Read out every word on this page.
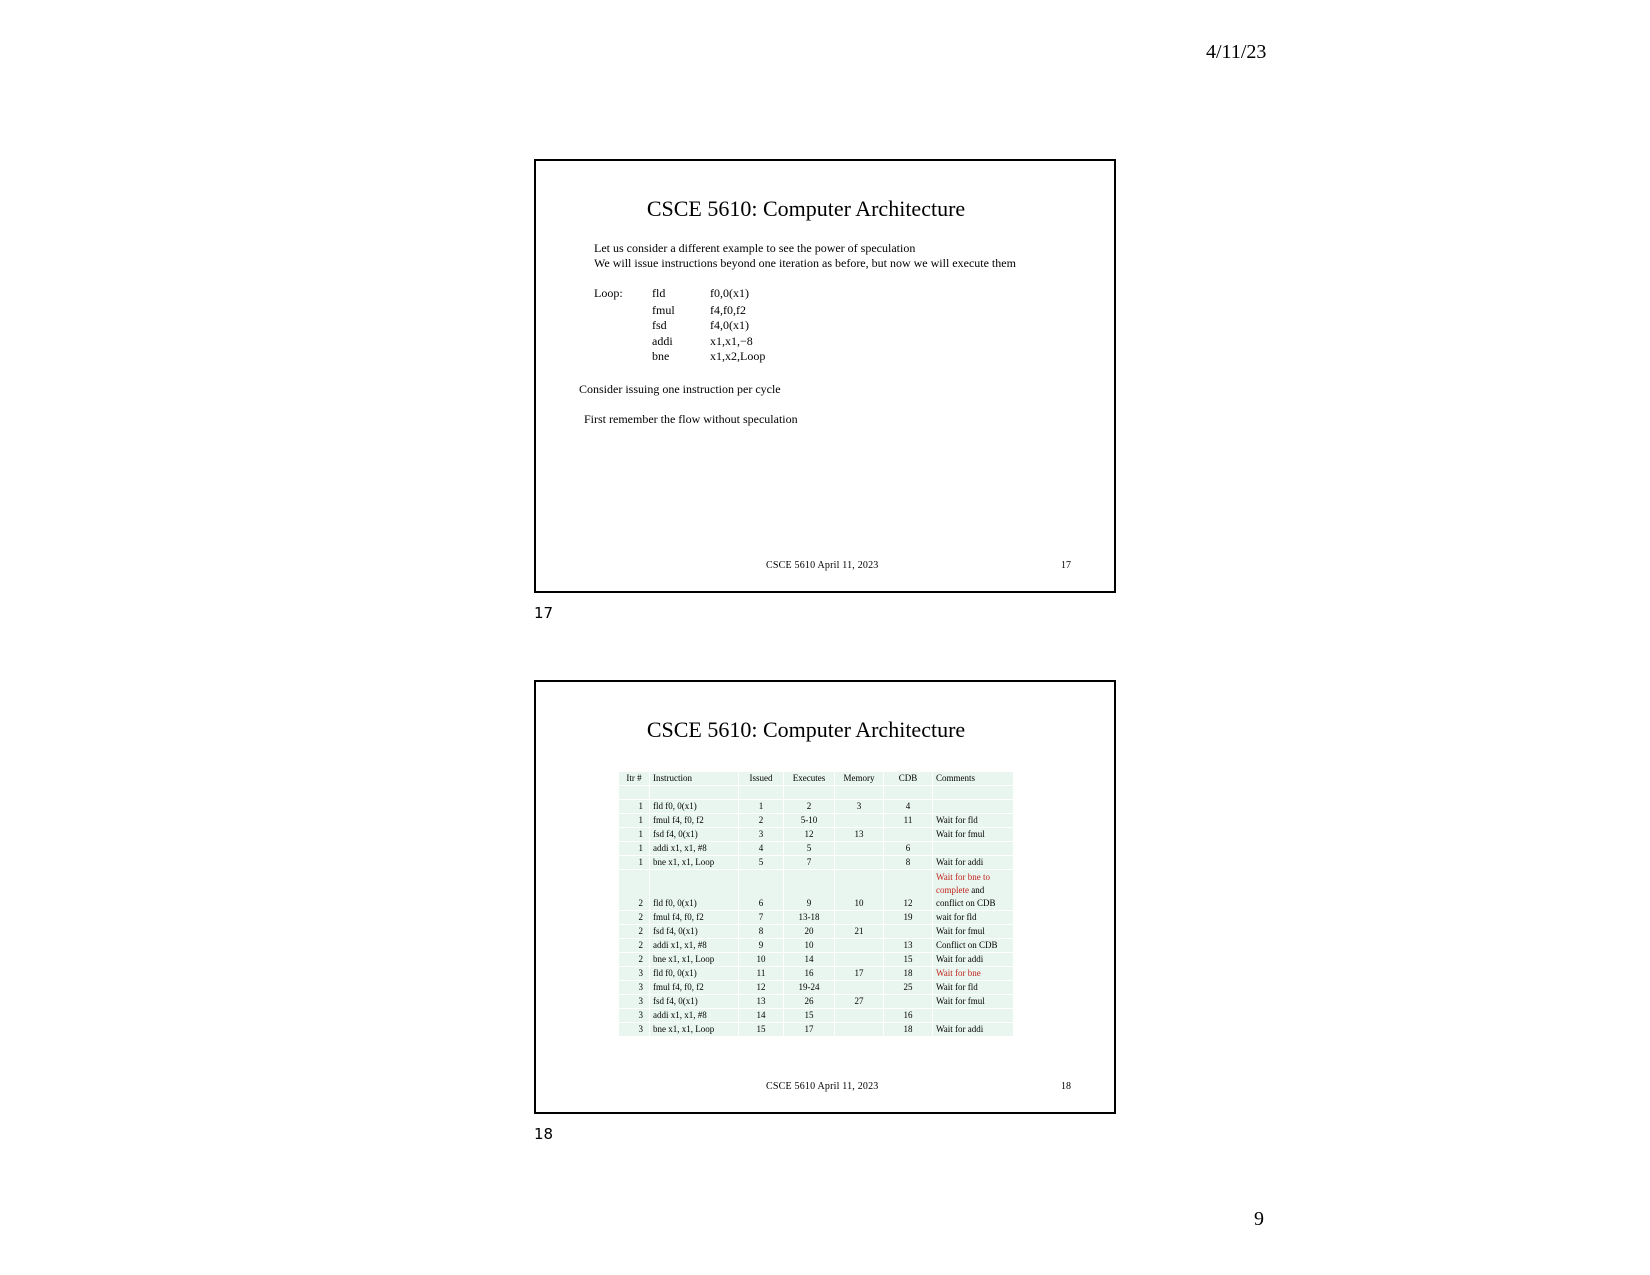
4/11/23
CSCE 5610: Computer Architecture
Let us consider a different example to see the power of speculation
We will issue instructions beyond one iteration as before, but now we will execute them
Loop: fld	f0,0(x1)
fmul	f4,f0,f2
fsd	f4,0(x1)
addi	x1,x1,−8
bne	x1,x2,Loop
Consider issuing one instruction per cycle
First remember the flow without speculation
CSCE 5610 April 11, 2023	17
17
CSCE 5610: Computer Architecture
Itr #	Instruction	Issued	Executes	Memory	CDB	Comments

1	fld f0, 0(x1)	1	2	3	4	
1	fmul f4, f0, f2	2	5-10		11	Wait for fld
1	fsd f4, 0(x1)	3	12	13		Wait for fmul
1	addi x1, x1, #8	4	5		6	
1	bne x1, x1, Loop	5	7		8	Wait for addi
2	fld f0, 0(x1)	6	9	10	12	Wait for bne to complete and conflict on CDB
2	fmul f4, f0, f2	7	13-18		19	wait for fld
2	fsd f4, 0(x1)	8	20	21		Wait for fmul
2	addi x1, x1, #8	9	10		13	Conflict on CDB
2	bne x1, x1, Loop	10	14		15	Wait for addi
3	fld f0, 0(x1)	11	16	17	18	Wait for bne
3	fmul f4, f0, f2	12	19-24		25	Wait for fld
3	fsd f4, 0(x1)	13	26	27		Wait for fmul
3	addi x1, x1, #8	14	15		16	
3	bne x1, x1, Loop	15	17		18	Wait for addi
CSCE 5610 April 11, 2023	18
18
9
